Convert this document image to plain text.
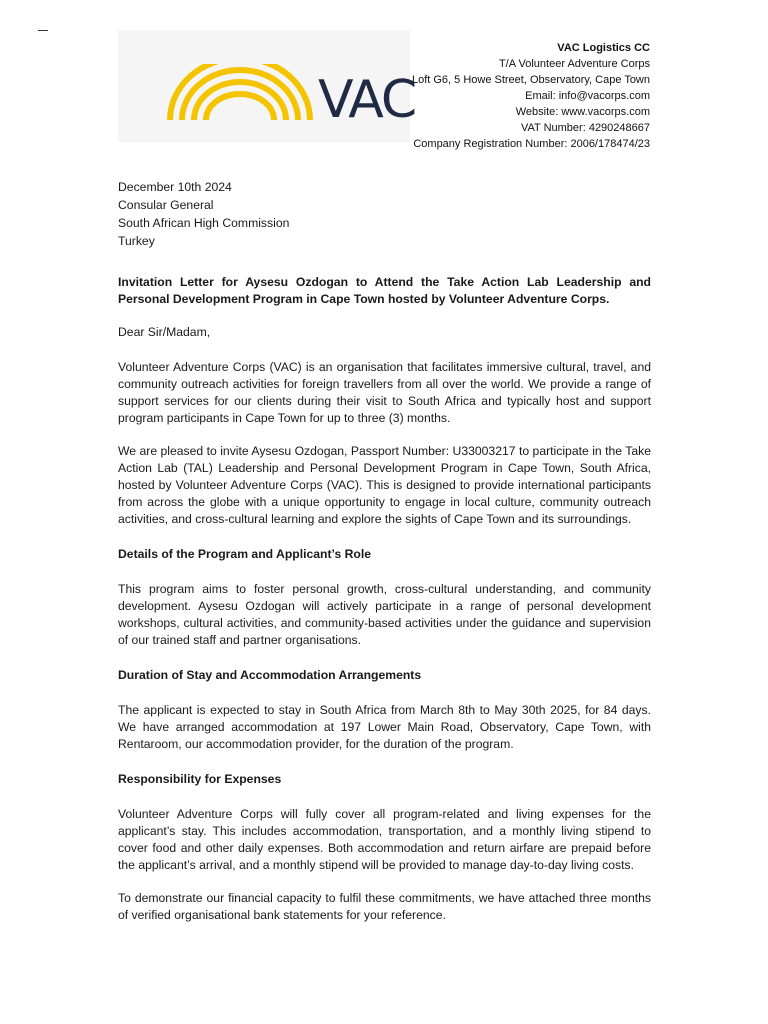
VAC
VAC Logistics CC
T/A Volunteer Adventure Corps
Loft G6, 5 Howe Street, Observatory, Cape Town
Email: info@vacorps.com
Website: www.vacorps.com
VAT Number: 4290248667
Company Registration Number: 2006/178474/23
December 10th 2024
Consular General
South African High Commission
Turkey

Invitation Letter for Aysesu Ozdogan to Attend the Take Action Lab Leadership and Personal Development Program in Cape Town hosted by Volunteer Adventure Corps.

Dear Sir/Madam,

Volunteer Adventure Corps (VAC) is an organisation that facilitates immersive cultural, travel, and community outreach activities for foreign travellers from all over the world. We provide a range of support services for our clients during their visit to South Africa and typically host and support program participants in Cape Town for up to three (3) months.

We are pleased to invite Aysesu Ozdogan, Passport Number: U33003217 to participate in the Take Action Lab (TAL) Leadership and Personal Development Program in Cape Town, South Africa, hosted by Volunteer Adventure Corps (VAC). This is designed to provide international participants from across the globe with a unique opportunity to engage in local culture, community outreach activities, and cross-cultural learning and explore the sights of Cape Town and its surroundings.

Details of the Program and Applicant’s Role

This program aims to foster personal growth, cross-cultural understanding, and community development. Aysesu Ozdogan will actively participate in a range of personal development workshops, cultural activities, and community-based activities under the guidance and supervision of our trained staff and partner organisations.

Duration of Stay and Accommodation Arrangements

The applicant is expected to stay in South Africa from March 8th to May 30th 2025, for 84 days. We have arranged accommodation at 197 Lower Main Road, Observatory, Cape Town, with Rentaroom, our accommodation provider, for the duration of the program.

Responsibility for Expenses

Volunteer Adventure Corps will fully cover all program-related and living expenses for the applicant’s stay. This includes accommodation, transportation, and a monthly living stipend to cover food and other daily expenses. Both accommodation and return airfare are prepaid before the applicant’s arrival, and a monthly stipend will be provided to manage day-to-day living costs.

To demonstrate our financial capacity to fulfil these commitments, we have attached three months of verified organisational bank statements for your reference.
